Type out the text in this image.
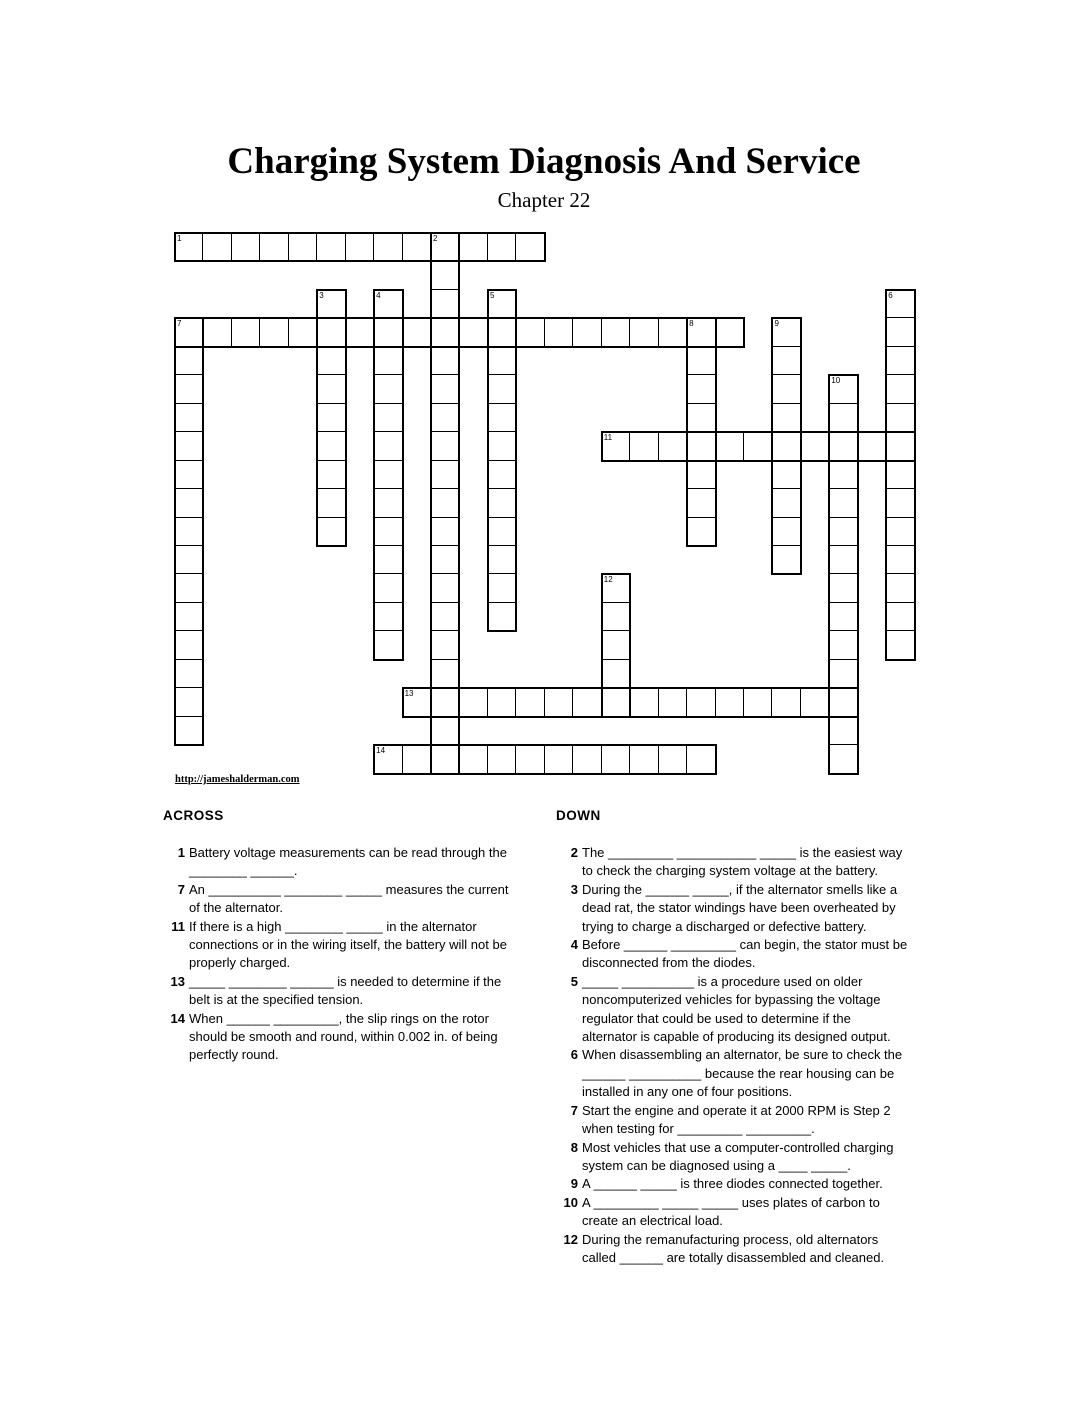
Charging System Diagnosis And Service
Chapter 22
1	2
3	4	5	6
7	8	9
10
11
12
13
14
http://jameshalderman.com
ACROSS
1 Battery voltage measurements can be read through the ________ ______.
7 An __________ ________ _____ measures the current of the alternator.
11 If there is a high ________ _____ in the alternator connections or in the wiring itself, the battery will not be properly charged.
13 _____ ________ ______ is needed to determine if the belt is at the specified tension.
14 When ______ _________, the slip rings on the rotor should be smooth and round, within 0.002 in. of being perfectly round.
DOWN
2 The _________ ___________ _____ is the easiest way to check the charging system voltage at the battery.
3 During the ______ _____, if the alternator smells like a dead rat, the stator windings have been overheated by trying to charge a discharged or defective battery.
4 Before ______ _________ can begin, the stator must be disconnected from the diodes.
5 _____ __________ is a procedure used on older noncomputerized vehicles for bypassing the voltage regulator that could be used to determine if the alternator is capable of producing its designed output.
6 When disassembling an alternator, be sure to check the ______ __________ because the rear housing can be installed in any one of four positions.
7 Start the engine and operate it at 2000 RPM is Step 2 when testing for _________ _________.
8 Most vehicles that use a computer-controlled charging system can be diagnosed using a ____ _____.
9 A ______ _____ is three diodes connected together.
10 A _________ _____ _____ uses plates of carbon to create an electrical load.
12 During the remanufacturing process, old alternators called ______ are totally disassembled and cleaned.
